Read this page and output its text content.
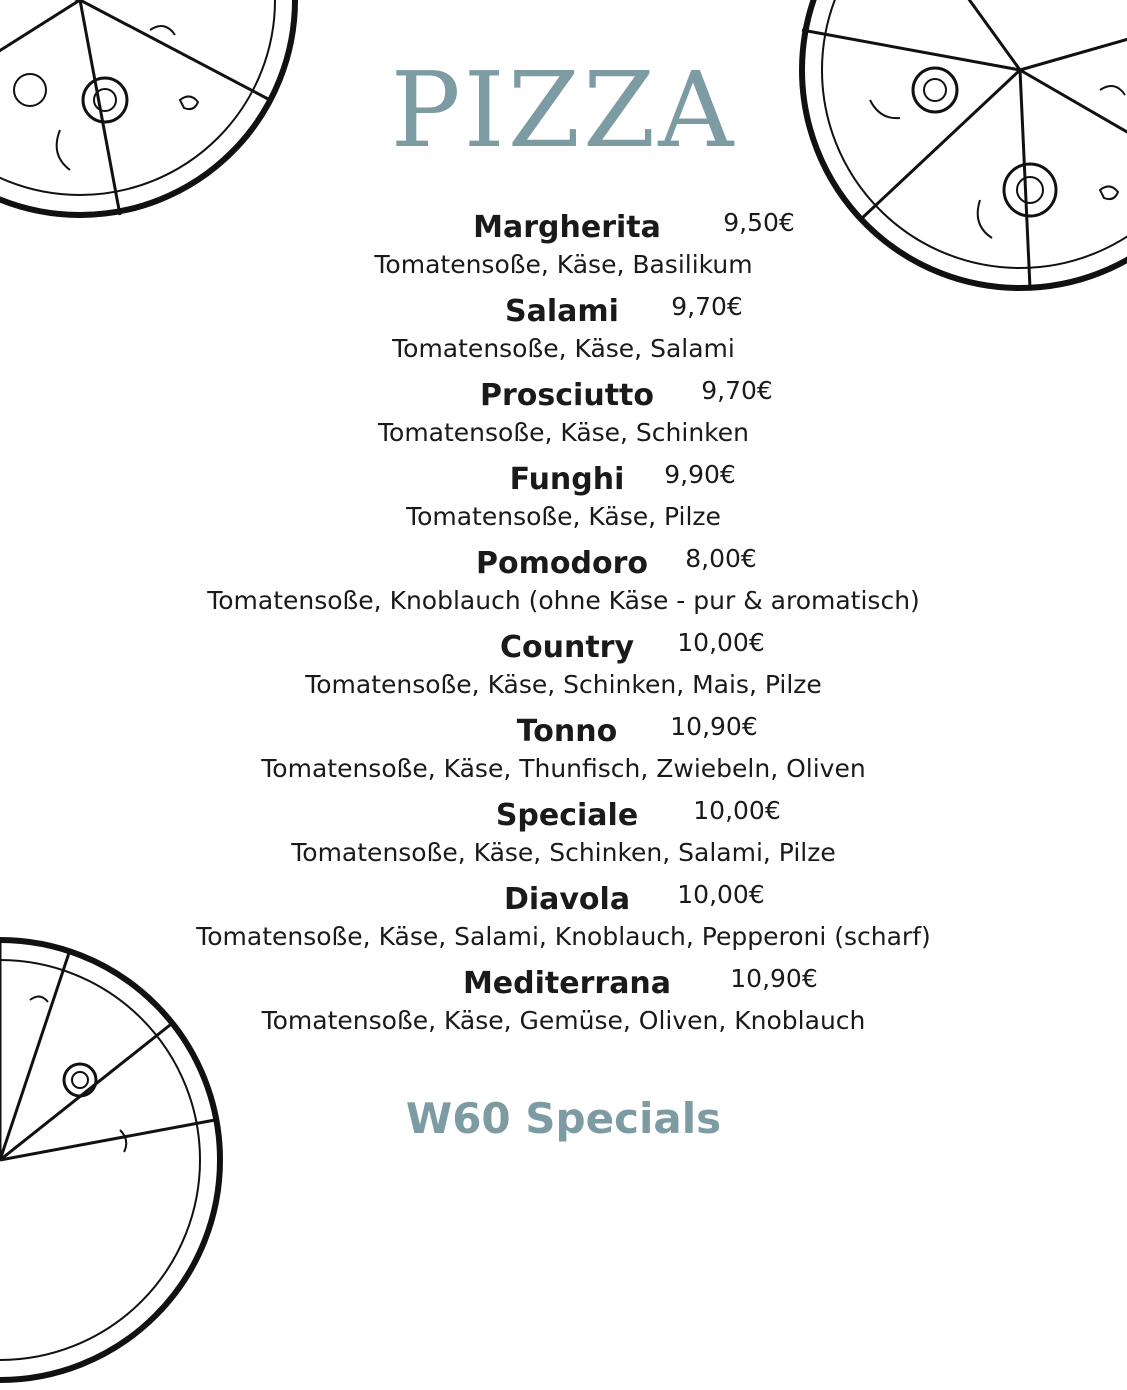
PIZZA
Margherita 9,50€
Tomatensoße, Käse, Basilikum
Salami 9,70€
Tomatensoße, Käse, Salami
Prosciutto 9,70€
Tomatensoße, Käse, Schinken
Funghi 9,90€
Tomatensoße, Käse, Pilze
Pomodoro 8,00€
Tomatensoße, Knoblauch (ohne Käse - pur & aromatisch)
Country 10,00€
Tomatensoße, Käse, Schinken, Mais, Pilze
Tonno 10,90€
Tomatensoße, Käse, Thunfisch, Zwiebeln, Oliven
Speciale 10,00€
Tomatensoße, Käse, Schinken, Salami, Pilze
Diavola 10,00€
Tomatensoße, Käse, Salami, Knoblauch, Pepperoni (scharf)
Mediterrana 10,90€
Tomatensoße, Käse, Gemüse, Oliven, Knoblauch
W60 Specials
